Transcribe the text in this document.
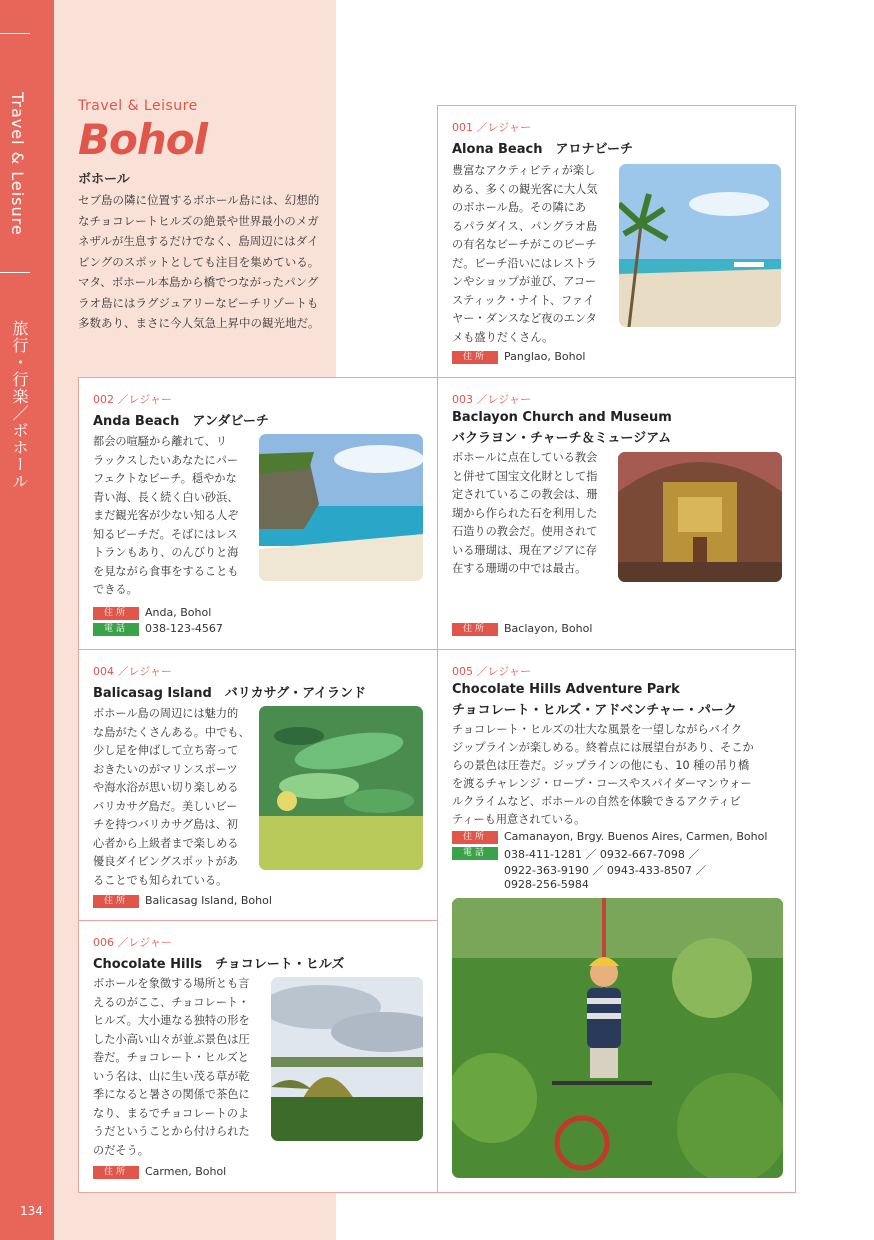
Travel & Leisure
旅行・行楽／ボホール
134
Travel & Leisure
Bohol
ボホール
セブ島の隣に位置するボホール島には、幻想的
なチョコレートヒルズの絶景や世界最小のメガ
ネザルが生息するだけでなく、島周辺にはダイ
ビングのスポットとしても注目を集めている。
マタ、ボホール本島から橋でつながったパング
ラオ島にはラグジュアリーなビーチリゾートも
多数あり、まさに今人気急上昇中の観光地だ。
001 ／レジャー
Alona Beach　アロナビーチ
豊富なアクティビティが楽し
める、多くの観光客に大人気
のボホール島。その隣にあ
るパラダイス、パングラオ島
の有名なビーチがこのビーチ
だ。ビーチ沿いにはレストラ
ンやショップが並び、アコー
スティック・ナイト、ファイ
ヤー・ダンスなど夜のエンタ
メも盛りだくさん。
住所	Panglao, Bohol
002 ／レジャー
Anda Beach　アンダビーチ
都会の喧騒から離れて、リ
ラックスしたいあなたにパー
フェクトなビーチ。穏やかな
青い海、長く続く白い砂浜、
まだ観光客が少ない知る人ぞ
知るビーチだ。そばにはレス
トランもあり、のんびりと海
を見ながら食事をすることも
できる。
住所	Anda, Bohol
電話	038-123-4567
003 ／レジャー
Baclayon Church and Museum
バクラヨン・チャーチ＆ミュージアム
ボホールに点在している教会
と併せて国宝文化財として指
定されているこの教会は、珊
瑚から作られた石を利用した
石造りの教会だ。使用されて
いる珊瑚は、現在アジアに存
在する珊瑚の中では最古。
住所	Baclayon, Bohol
004 ／レジャー
Balicasag Island　バリカサグ・アイランド
ボホール島の周辺には魅力的
な島がたくさんある。中でも、
少し足を伸ばして立ち寄って
おきたいのがマリンスポーツ
や海水浴が思い切り楽しめる
バリカサグ島だ。美しいビー
チを持つバリカサグ島は、初
心者から上級者まで楽しめる
優良ダイビングスポットがあ
ることでも知られている。
住所	Balicasag Island, Bohol
005 ／レジャー
Chocolate Hills Adventure Park
チョコレート・ヒルズ・アドベンチャー・パーク
チョコレート・ヒルズの壮大な風景を一望しながらバイク
ジップラインが楽しめる。終着点には展望台があり、そこか
らの景色は圧巻だ。ジップラインの他にも、10 種の吊り橋
を渡るチャレンジ・ロープ・コースやスパイダーマンウォー
ルクライムなど、ボホールの自然を体験できるアクティビ
ティーも用意されている。
住所	Camanayon, Brgy. Buenos Aires, Carmen, Bohol
電話	038-411-1281 ／ 0932-667-7098 ／
0922-363-9190 ／ 0943-433-8507 ／
0928-256-5984
006 ／レジャー
Chocolate Hills　チョコレート・ヒルズ
ボホールを象徴する場所とも言
えるのがここ、チョコレート・
ヒルズ。大小連なる独特の形を
した小高い山々が並ぶ景色は圧
巻だ。チョコレート・ヒルズと
いう名は、山に生い茂る草が乾
季になると暑さの関係で茶色に
なり、まるでチョコレートのよ
うだということから付けられた
のだそう。
住所	Carmen, Bohol
